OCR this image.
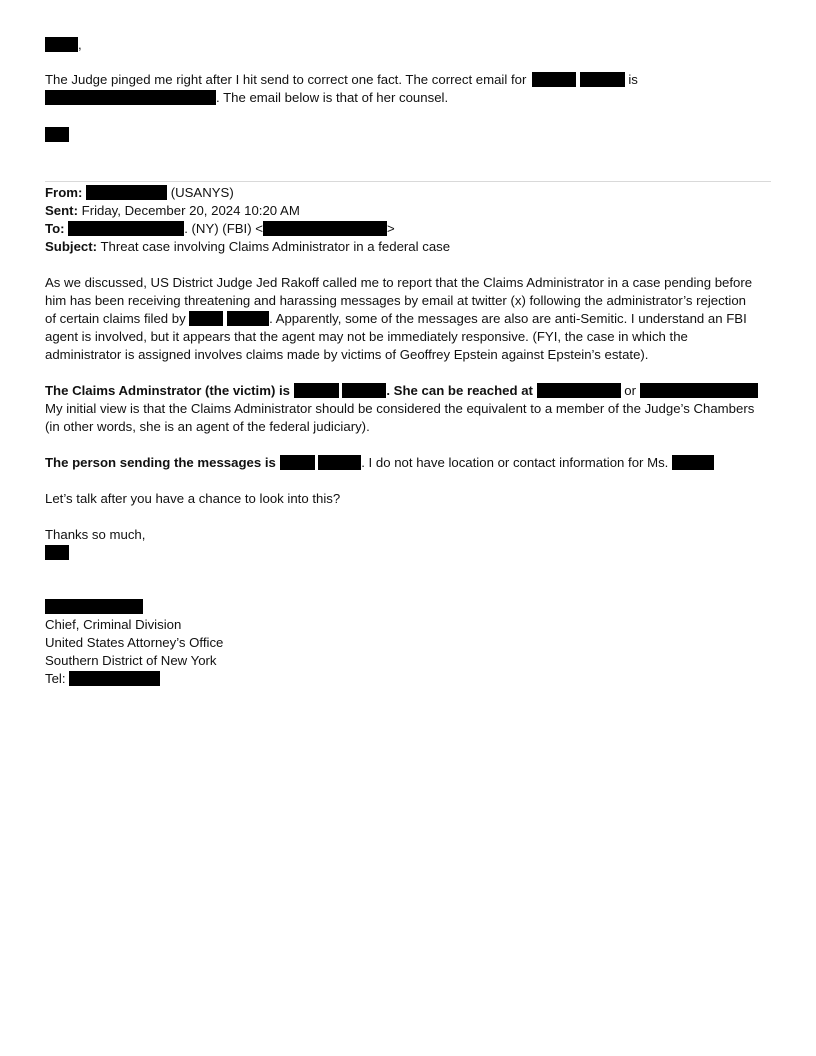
,
The Judge pinged me right after I hit send to correct one fact. The correct email for	is
. The email below is that of her counsel.
From:	(USANYS)
Sent: Friday, December 20, 2024 10:20 AM
To:	. (NY) (FBI) <	>
Subject: Threat case involving Claims Administrator in a federal case
As we discussed, US District Judge Jed Rakoff called me to report that the Claims Administrator in a case pending before
him has been receiving threatening and harassing messages by email at twitter (x) following the administrator’s rejection
of certain claims filed by	. Apparently, some of the messages are also are anti-Semitic. I understand an FBI
agent is involved, but it appears that the agent may not be immediately responsive. (FYI, the case in which the
administrator is assigned involves claims made by victims of Geoffrey Epstein against Epstein’s estate).
The Claims Adminstrator (the victim) is	. She can be reached at	or
My initial view is that the Claims Administrator should be considered the equivalent to a member of the Judge’s Chambers
(in other words, she is an agent of the federal judiciary).
The person sending the messages is	. I do not have location or contact information for Ms.
Let’s talk after you have a chance to look into this?
Thanks so much,
Chief, Criminal Division
United States Attorney’s Office
Southern District of New York
Tel:
